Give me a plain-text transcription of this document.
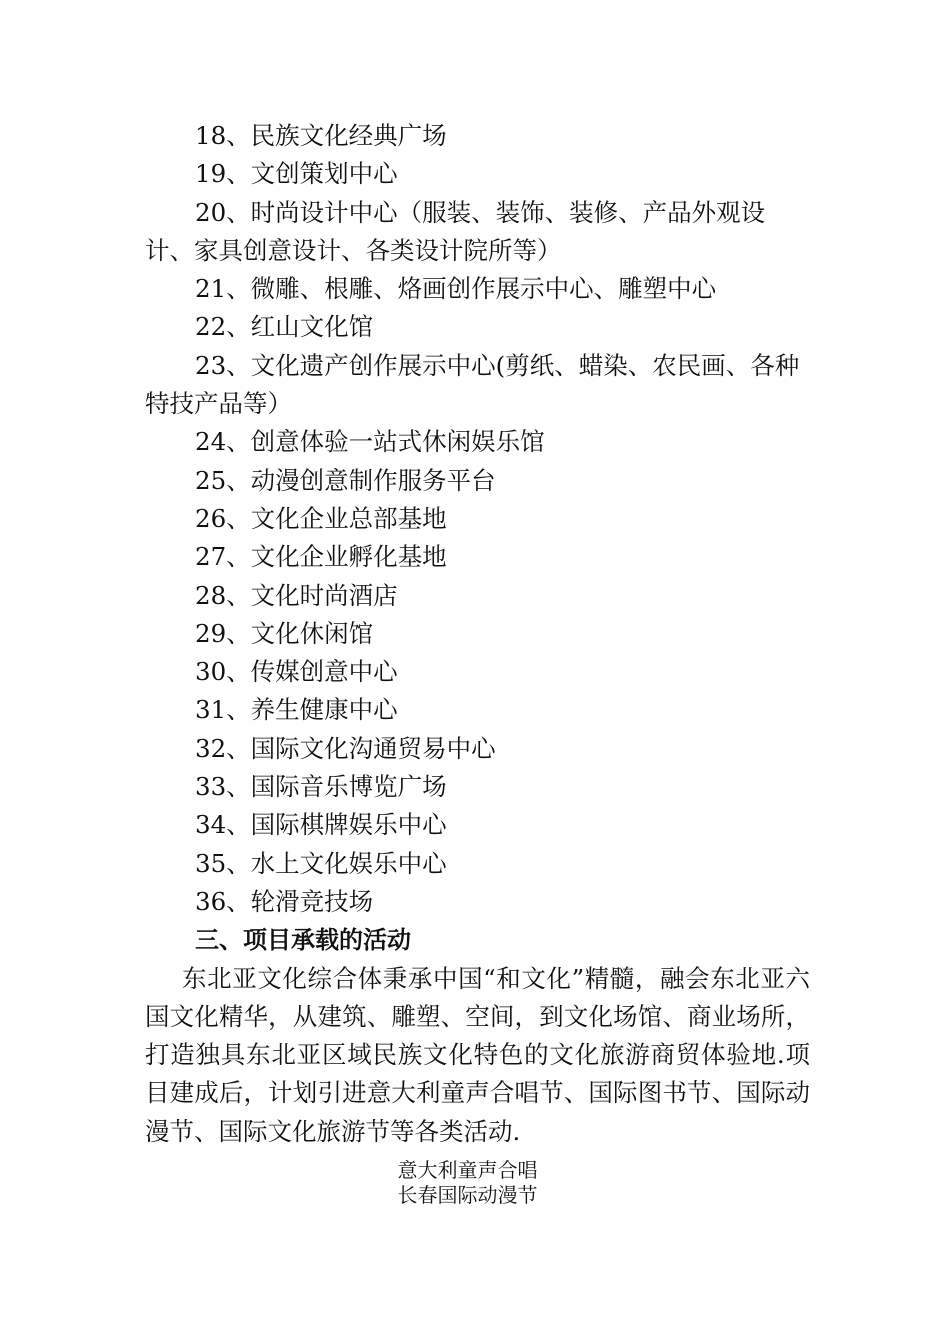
18、民族文化经典广场

19、文创策划中心

20、时尚设计中心（服装、装饰、装修、产品外观设计、家具创意设计、各类设计院所等）

21、微雕、根雕、烙画创作展示中心、雕塑中心

22、红山文化馆

23、文化遗产创作展示中心(剪纸、蜡染、农民画、各种特技产品等）

24、创意体验一站式休闲娱乐馆

25、动漫创意制作服务平台

26、文化企业总部基地

27、文化企业孵化基地

28、文化时尚酒店

29、文化休闲馆

30、传媒创意中心

31、养生健康中心

32、国际文化沟通贸易中心

33、国际音乐博览广场

34、国际棋牌娱乐中心

35、水上文化娱乐中心

36、轮滑竞技场

三、项目承载的活动

东北亚文化综合体秉承中国“和文化”精髓，融会东北亚六国文化精华，从建筑、雕塑、空间，到文化场馆、商业场所，打造独具东北亚区域民族文化特色的文化旅游商贸体验地.项目建成后，计划引进意大利童声合唱节、国际图书节、国际动漫节、国际文化旅游节等各类活动.

意大利童声合唱

长春国际动漫节
